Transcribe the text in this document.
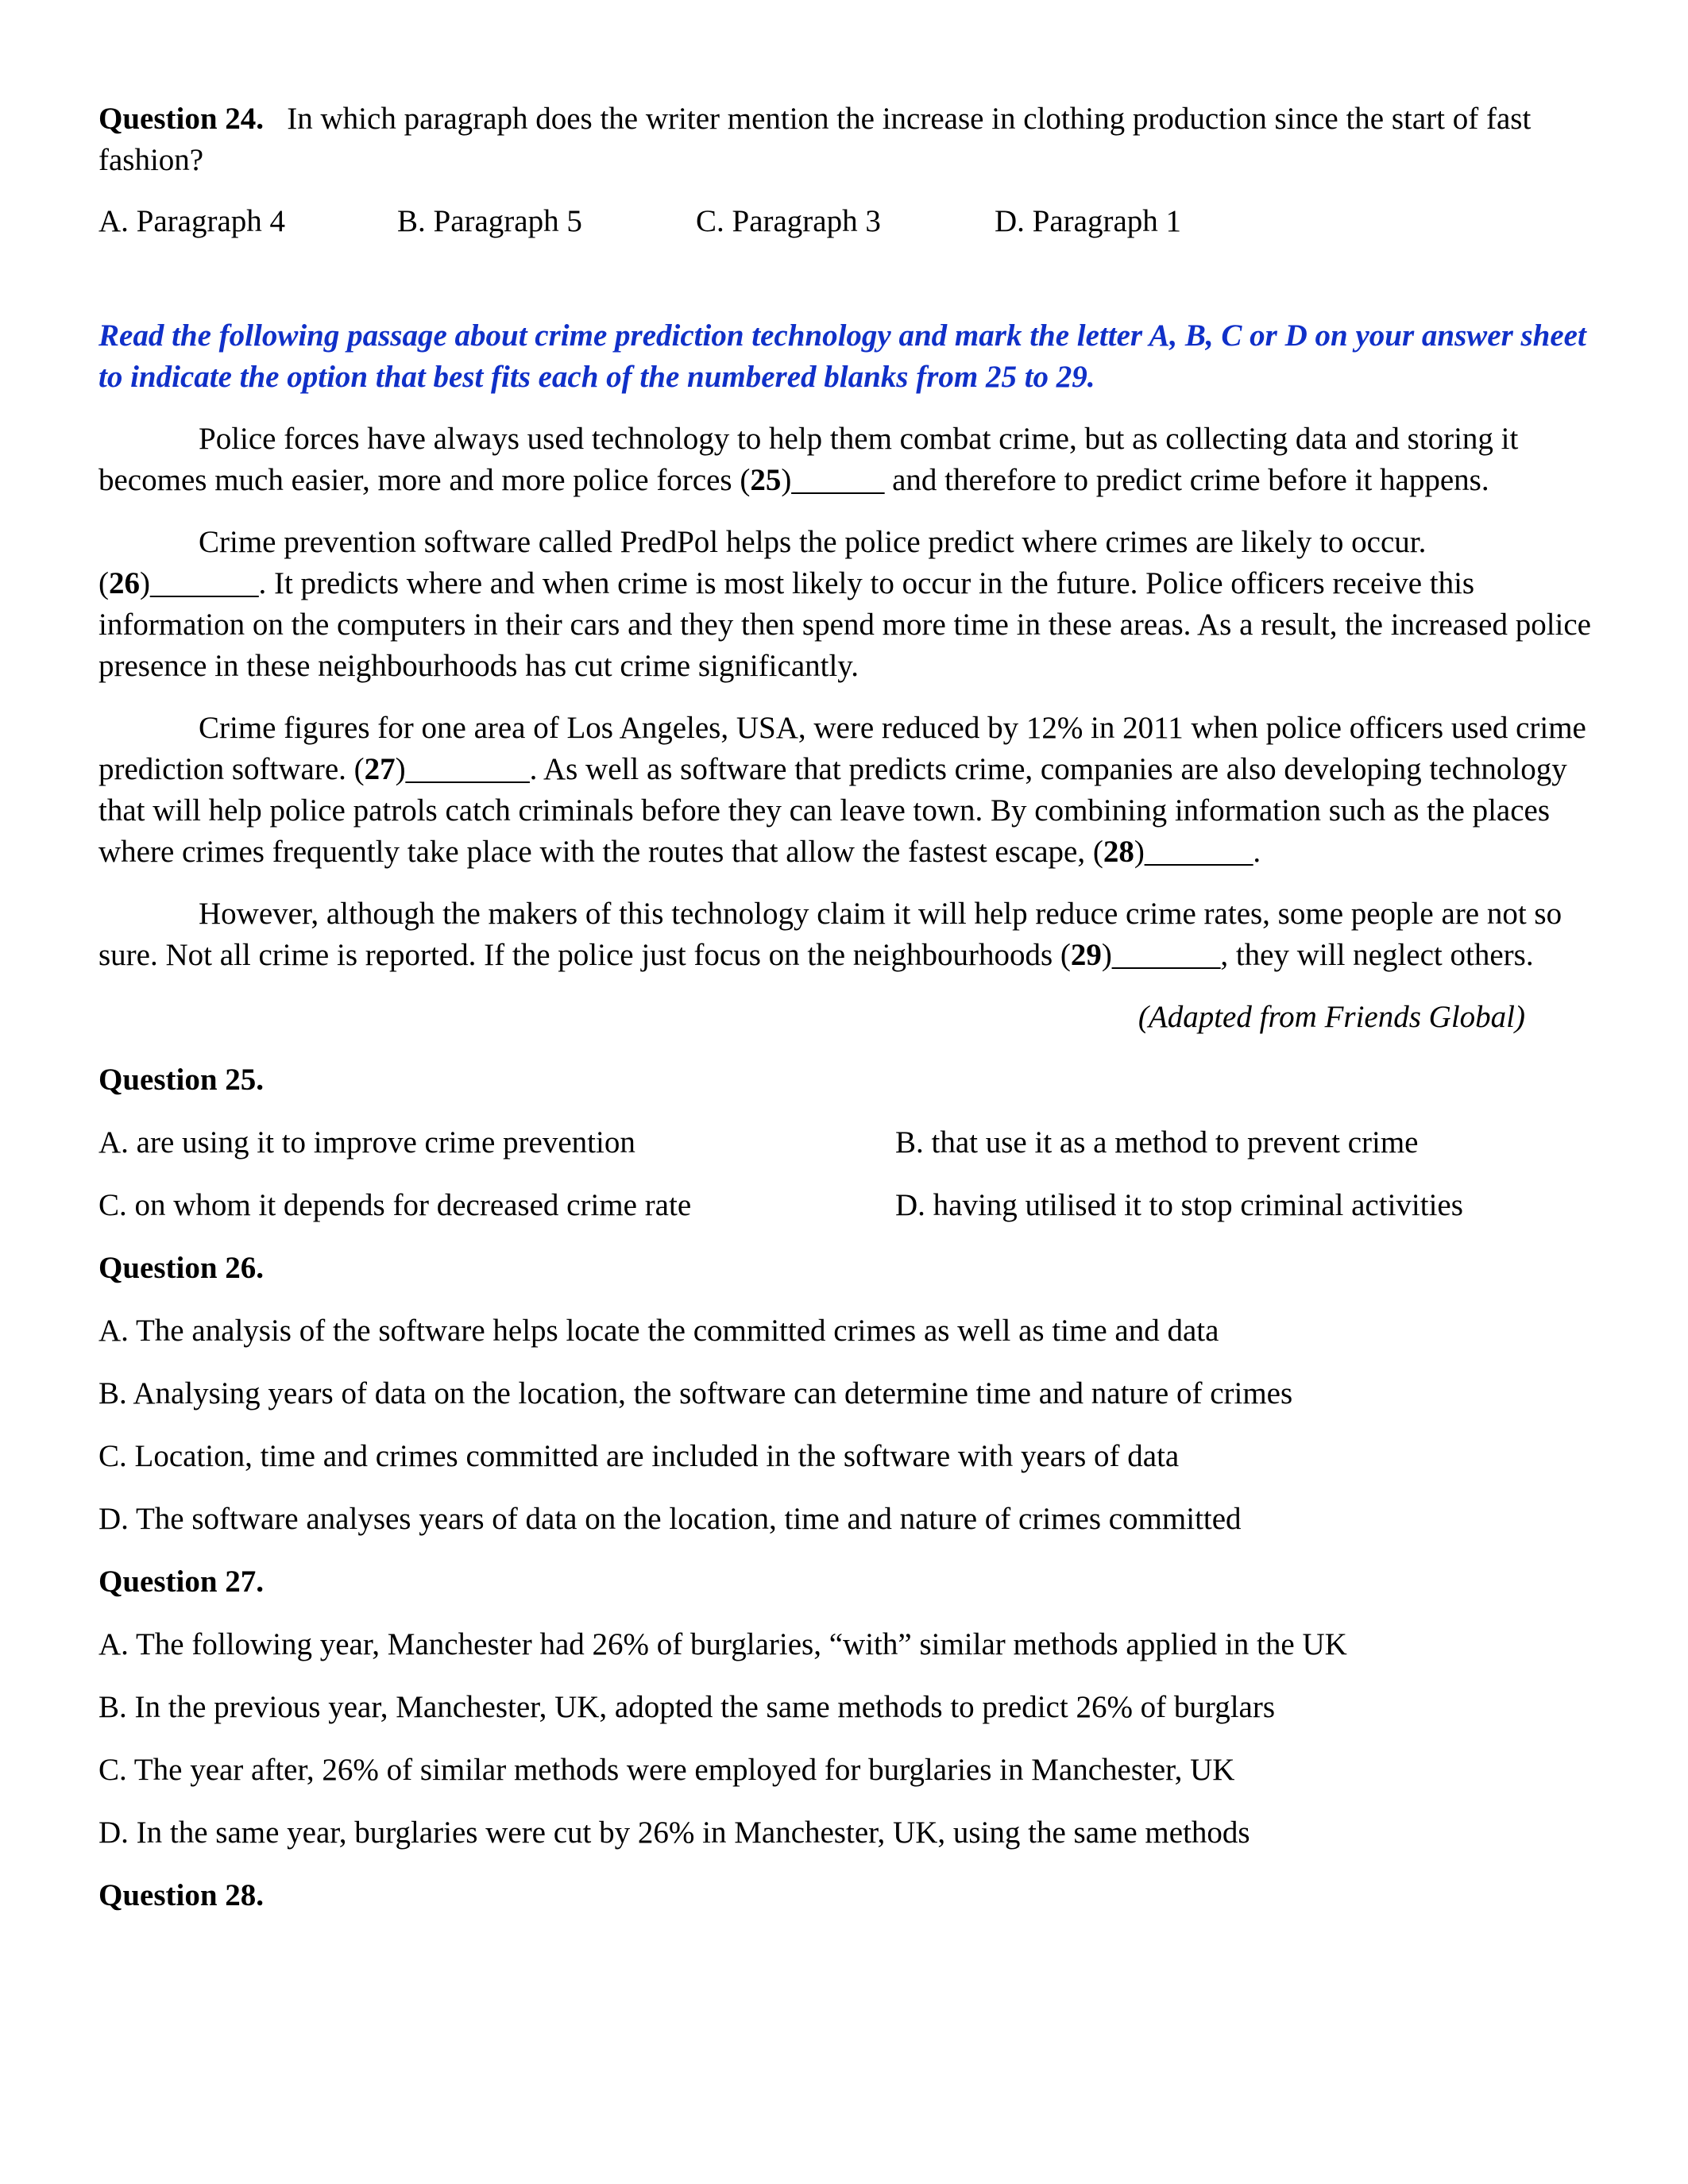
Question 24. In which paragraph does the writer mention the increase in clothing production since the start of fast fashion?

A. Paragraph 4	B. Paragraph 5	C. Paragraph 3	D. Paragraph 1

Read the following passage about crime prediction technology and mark the letter A, B, C or D on your answer sheet to indicate the option that best fits each of the numbered blanks from 25 to 29.

Police forces have always used technology to help them combat crime, but as collecting data and storing it becomes much easier, more and more police forces (25)______ and therefore to predict crime before it happens.

Crime prevention software called PredPol helps the police predict where crimes are likely to occur. (26)_______. It predicts where and when crime is most likely to occur in the future. Police officers receive this information on the computers in their cars and they then spend more time in these areas. As a result, the increased police presence in these neighbourhoods has cut crime significantly.

Crime figures for one area of Los Angeles, USA, were reduced by 12% in 2011 when police officers used crime prediction software. (27)________. As well as software that predicts crime, companies are also developing technology that will help police patrols catch criminals before they can leave town. By combining information such as the places where crimes frequently take place with the routes that allow the fastest escape, (28)_______.

However, although the makers of this technology claim it will help reduce crime rates, some people are not so sure. Not all crime is reported. If the police just focus on the neighbourhoods (29)_______, they will neglect others.

(Adapted from Friends Global)

Question 25.

A. are using it to improve crime prevention	B. that use it as a method to prevent crime
C. on whom it depends for decreased crime rate	D. having utilised it to stop criminal activities

Question 26.

A. The analysis of the software helps locate the committed crimes as well as time and data

B. Analysing years of data on the location, the software can determine time and nature of crimes

C. Location, time and crimes committed are included in the software with years of data

D. The software analyses years of data on the location, time and nature of crimes committed

Question 27.

A. The following year, Manchester had 26% of burglaries, “with” similar methods applied in the UK

B. In the previous year, Manchester, UK, adopted the same methods to predict 26% of burglars

C. The year after, 26% of similar methods were employed for burglaries in Manchester, UK

D. In the same year, burglaries were cut by 26% in Manchester, UK, using the same methods

Question 28.
